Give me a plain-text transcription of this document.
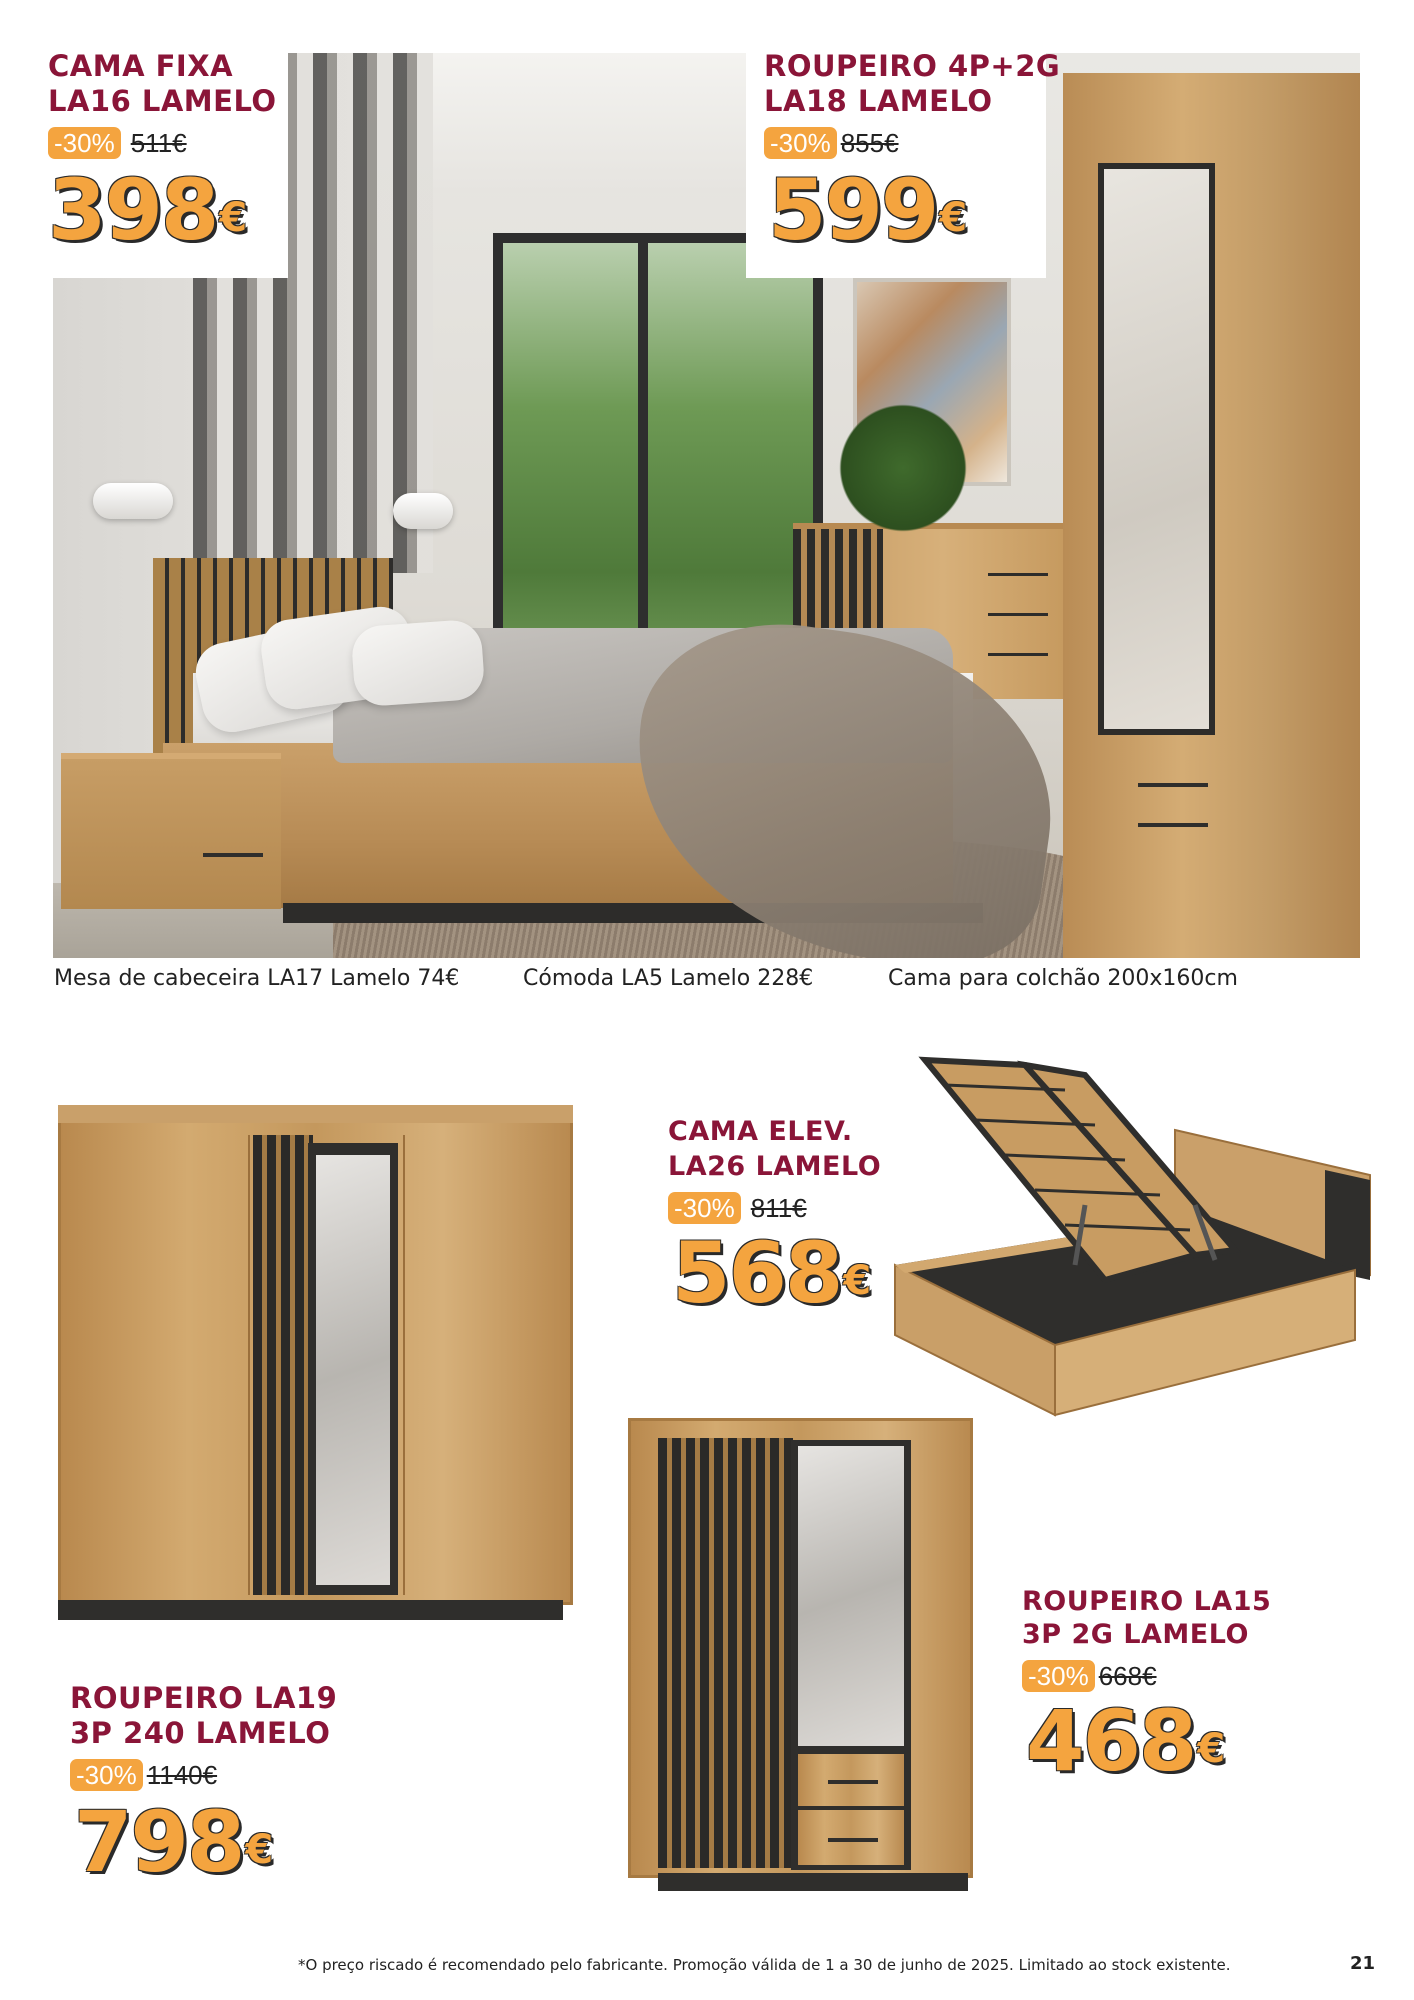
CAMA FIXA
LA16 LAMELO
-30% 511€
398€
ROUPEIRO 4P+2G
LA18 LAMELO
-30% 855€
599€
Mesa de cabeceira LA17 Lamelo 74€	Cómoda LA5 Lamelo 228€	Cama para colchão 200x160cm
CAMA ELEV.
LA26 LAMELO
-30% 811€
568€
ROUPEIRO LA19
3P 240 LAMELO
-30% 1140€
798€
ROUPEIRO LA15
3P 2G LAMELO
-30% 668€
468€
*O preço riscado é recomendado pelo fabricante. Promoção válida de 1 a 30 de junho de 2025. Limitado ao stock existente.	21
